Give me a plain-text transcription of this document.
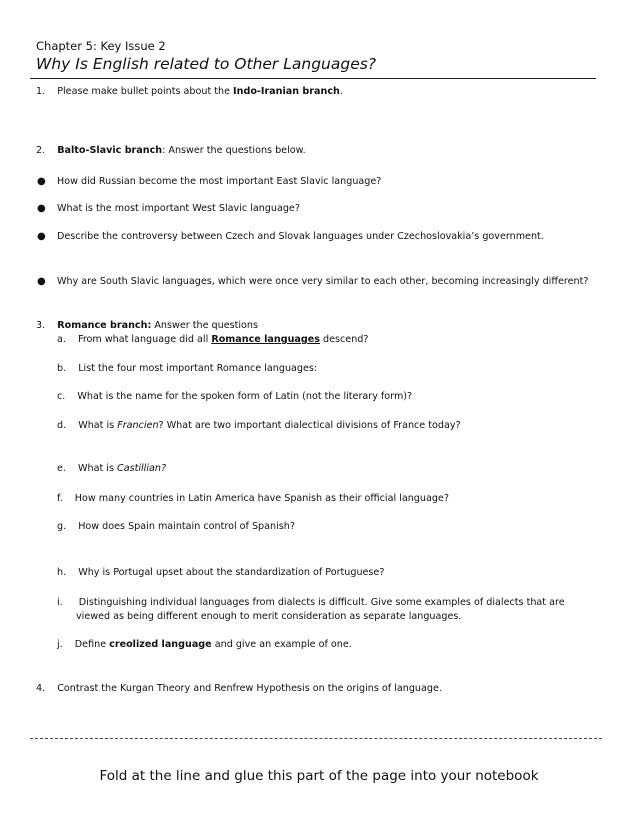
Chapter 5: Key Issue 2
Why Is English related to Other Languages?
1. Please make bullet points about the Indo-Iranian branch.
2. Balto-Slavic branch: Answer the questions below.
● How did Russian become the most important East Slavic language?
● What is the most important West Slavic language?
● Describe the controversy between Czech and Slovak languages under Czechoslovakia’s government.
● Why are South Slavic languages, which were once very similar to each other, becoming increasingly different?
3. Romance branch: Answer the questions
a. From what language did all Romance languages descend?
b. List the four most important Romance languages:
c. What is the name for the spoken form of Latin (not the literary form)?
d. What is Francien? What are two important dialectical divisions of France today?
e. What is Castillian?
f. How many countries in Latin America have Spanish as their official language?
g. How does Spain maintain control of Spanish?
h. Why is Portugal upset about the standardization of Portuguese?
i. Distinguishing individual languages from dialects is difficult. Give some examples of dialects that are
viewed as being different enough to merit consideration as separate languages.
j. Define creolized language and give an example of one.
4. Contrast the Kurgan Theory and Renfrew Hypothesis on the origins of language.
Fold at the line and glue this part of the page into your notebook
